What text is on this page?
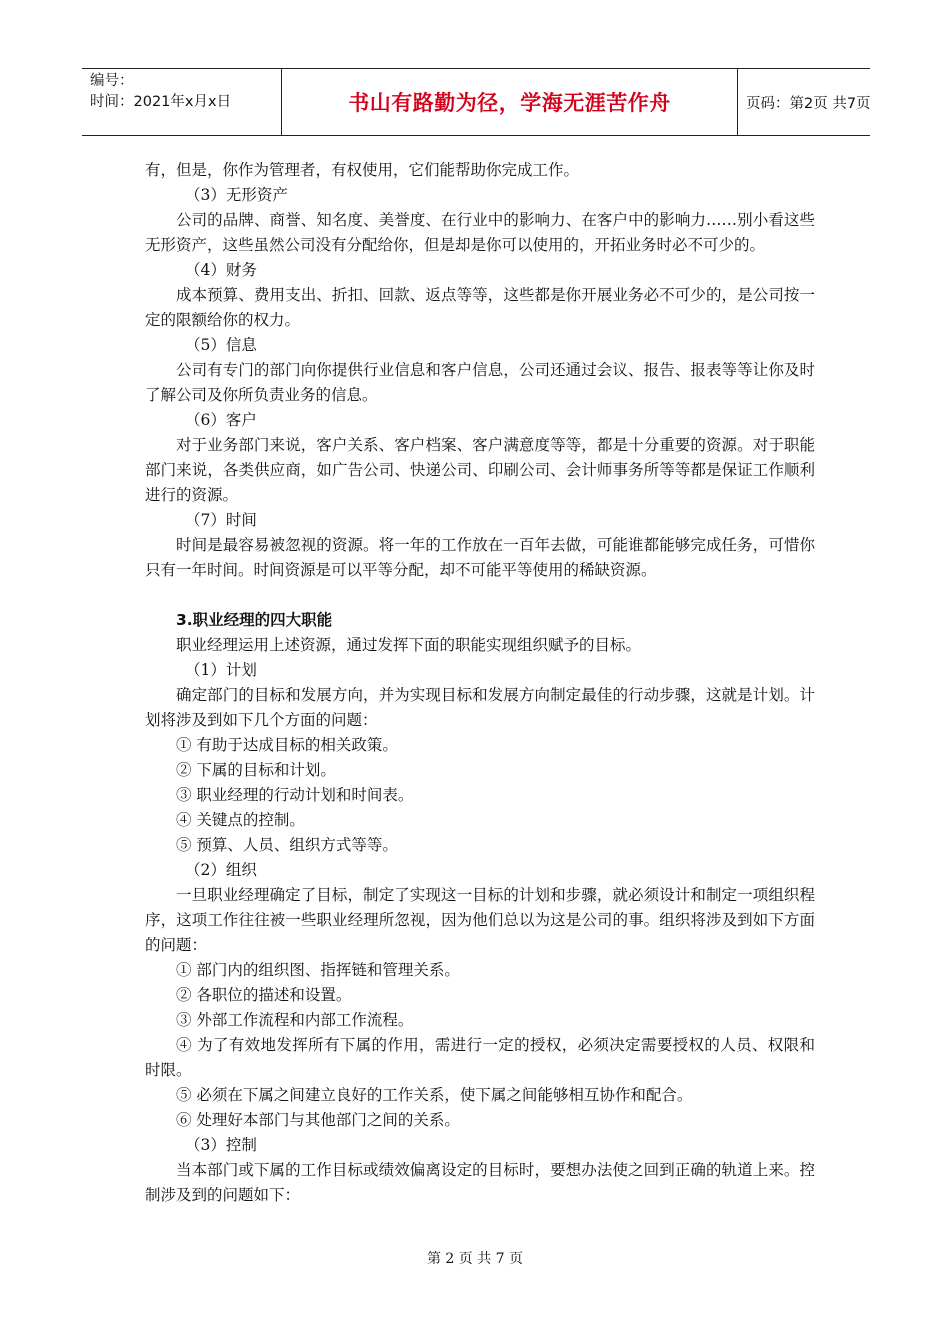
编号：
时间：2021年x月x日	书山有路勤为径，学海无涯苦作舟	页码：第2页 共7页

有，但是，你作为管理者，有权使用，它们能帮助你完成工作。

（3）无形资产

公司的品牌、商誉、知名度、美誉度、在行业中的影响力、在客户中的影响力……别小看这些无形资产，这些虽然公司没有分配给你，但是却是你可以使用的，开拓业务时必不可少的。

（4）财务

成本预算、费用支出、折扣、回款、返点等等，这些都是你开展业务必不可少的，是公司按一定的限额给你的权力。

（5）信息

公司有专门的部门向你提供行业信息和客户信息，公司还通过会议、报告、报表等等让你及时了解公司及你所负责业务的信息。

（6）客户

对于业务部门来说，客户关系、客户档案、客户满意度等等，都是十分重要的资源。对于职能部门来说，各类供应商，如广告公司、快递公司、印刷公司、会计师事务所等等都是保证工作顺利进行的资源。

（7）时间

时间是最容易被忽视的资源。将一年的工作放在一百年去做，可能谁都能够完成任务，可惜你只有一年时间。时间资源是可以平等分配，却不可能平等使用的稀缺资源。

3.职业经理的四大职能

职业经理运用上述资源，通过发挥下面的职能实现组织赋予的目标。

（1）计划

确定部门的目标和发展方向，并为实现目标和发展方向制定最佳的行动步骤，这就是计划。计划将涉及到如下几个方面的问题：

① 有助于达成目标的相关政策。

② 下属的目标和计划。

③ 职业经理的行动计划和时间表。

④ 关键点的控制。

⑤ 预算、人员、组织方式等等。

（2）组织

一旦职业经理确定了目标，制定了实现这一目标的计划和步骤，就必须设计和制定一项组织程序，这项工作往往被一些职业经理所忽视，因为他们总以为这是公司的事。组织将涉及到如下方面的问题：

① 部门内的组织图、指挥链和管理关系。

② 各职位的描述和设置。

③ 外部工作流程和内部工作流程。

④ 为了有效地发挥所有下属的作用，需进行一定的授权，必须决定需要授权的人员、权限和时限。

⑤ 必须在下属之间建立良好的工作关系，使下属之间能够相互协作和配合。

⑥ 处理好本部门与其他部门之间的关系。

（3）控制

当本部门或下属的工作目标或绩效偏离设定的目标时，要想办法使之回到正确的轨道上来。控制涉及到的问题如下：

第 2 页 共 7 页
